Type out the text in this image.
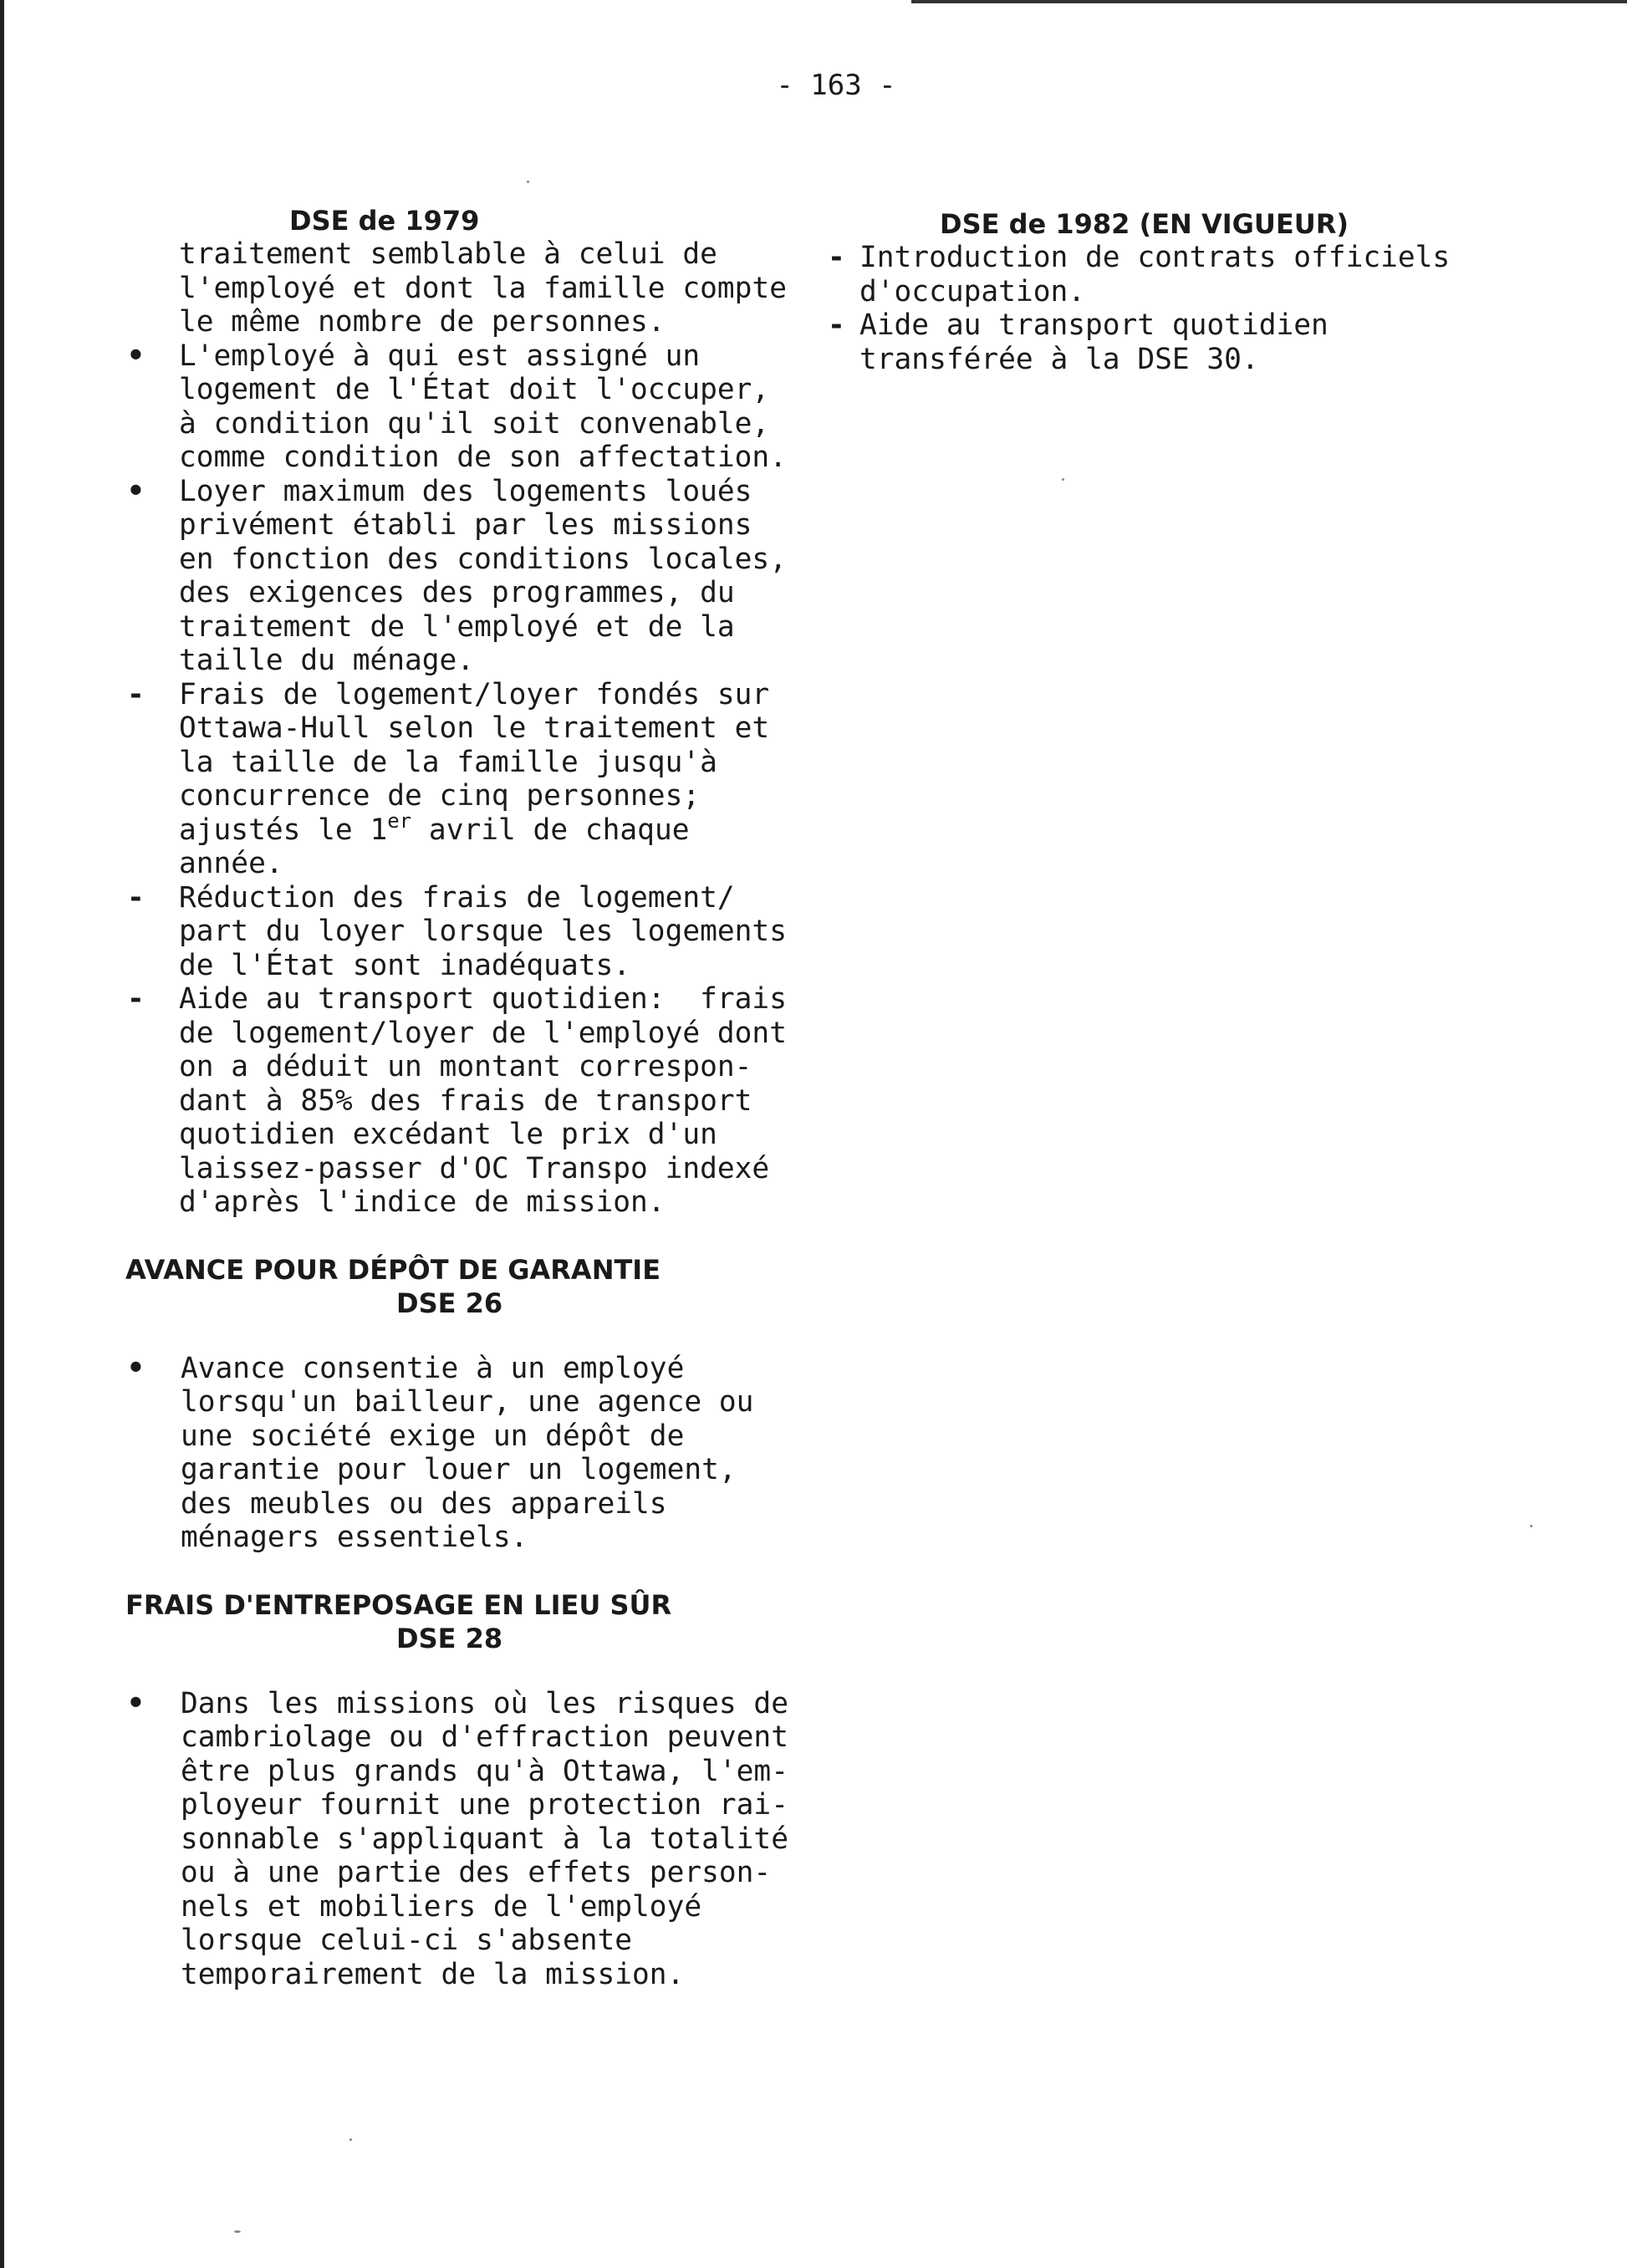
- 163 -
DSE de 1979
traitement semblable à celui de
l'employé et dont la famille compte
le même nombre de personnes.
•	L'employé à qui est assigné un
logement de l'État doit l'occuper,
à condition qu'il soit convenable,
comme condition de son affectation.
•	Loyer maximum des logements loués
privément établi par les missions
en fonction des conditions locales,
des exigences des programmes, du
traitement de l'employé et de la
taille du ménage.
-	Frais de logement/loyer fondés sur
Ottawa-Hull selon le traitement et
la taille de la famille jusqu'à
concurrence de cinq personnes;
ajustés le 1er avril de chaque
année.
-	Réduction des frais de logement/
part du loyer lorsque les logements
de l'État sont inadéquats.
-	Aide au transport quotidien:  frais
de logement/loyer de l'employé dont
on a déduit un montant correspon-
dant à 85% des frais de transport
quotidien excédant le prix d'un
laissez-passer d'OC Transpo indexé
d'après l'indice de mission.
AVANCE POUR DÉPÔT DE GARANTIE
DSE 26
•	Avance consentie à un employé
lorsqu'un bailleur, une agence ou
une société exige un dépôt de
garantie pour louer un logement,
des meubles ou des appareils
ménagers essentiels.
FRAIS D'ENTREPOSAGE EN LIEU SÛR
DSE 28
•	Dans les missions où les risques de
cambriolage ou d'effraction peuvent
être plus grands qu'à Ottawa, l'em-
ployeur fournit une protection rai-
sonnable s'appliquant à la totalité
ou à une partie des effets person-
nels et mobiliers de l'employé
lorsque celui-ci s'absente
temporairement de la mission.
DSE de 1982 (EN VIGUEUR)
- Introduction de contrats officiels
d'occupation.
- Aide au transport quotidien
transférée à la DSE 30.
